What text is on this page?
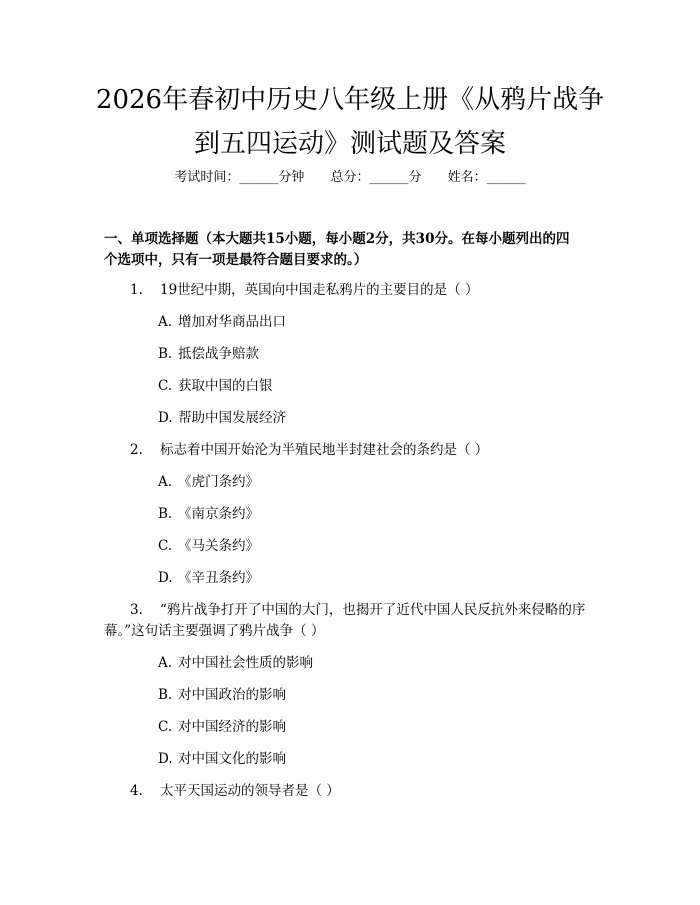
2026年春初中历史八年级上册《从鸦片战争
到五四运动》测试题及答案
考试时间：______分钟 总分：______分 姓名：______
一、单项选择题（本大题共15小题，每小题2分，共30分。在每小题列出的四
个选项中，只有一项是最符合题目要求的。）
1. 19世纪中期，英国向中国走私鸦片的主要目的是（ ）
A. 增加对华商品出口
B. 抵偿战争赔款
C. 获取中国的白银
D. 帮助中国发展经济
2. 标志着中国开始沦为半殖民地半封建社会的条约是（ ）
A. 《虎门条约》
B. 《南京条约》
C. 《马关条约》
D. 《辛丑条约》
3. “鸦片战争打开了中国的大门，也揭开了近代中国人民反抗外来侵略的序
幕。”这句话主要强调了鸦片战争（ ）
A. 对中国社会性质的影响
B. 对中国政治的影响
C. 对中国经济的影响
D. 对中国文化的影响
4. 太平天国运动的领导者是（ ）
